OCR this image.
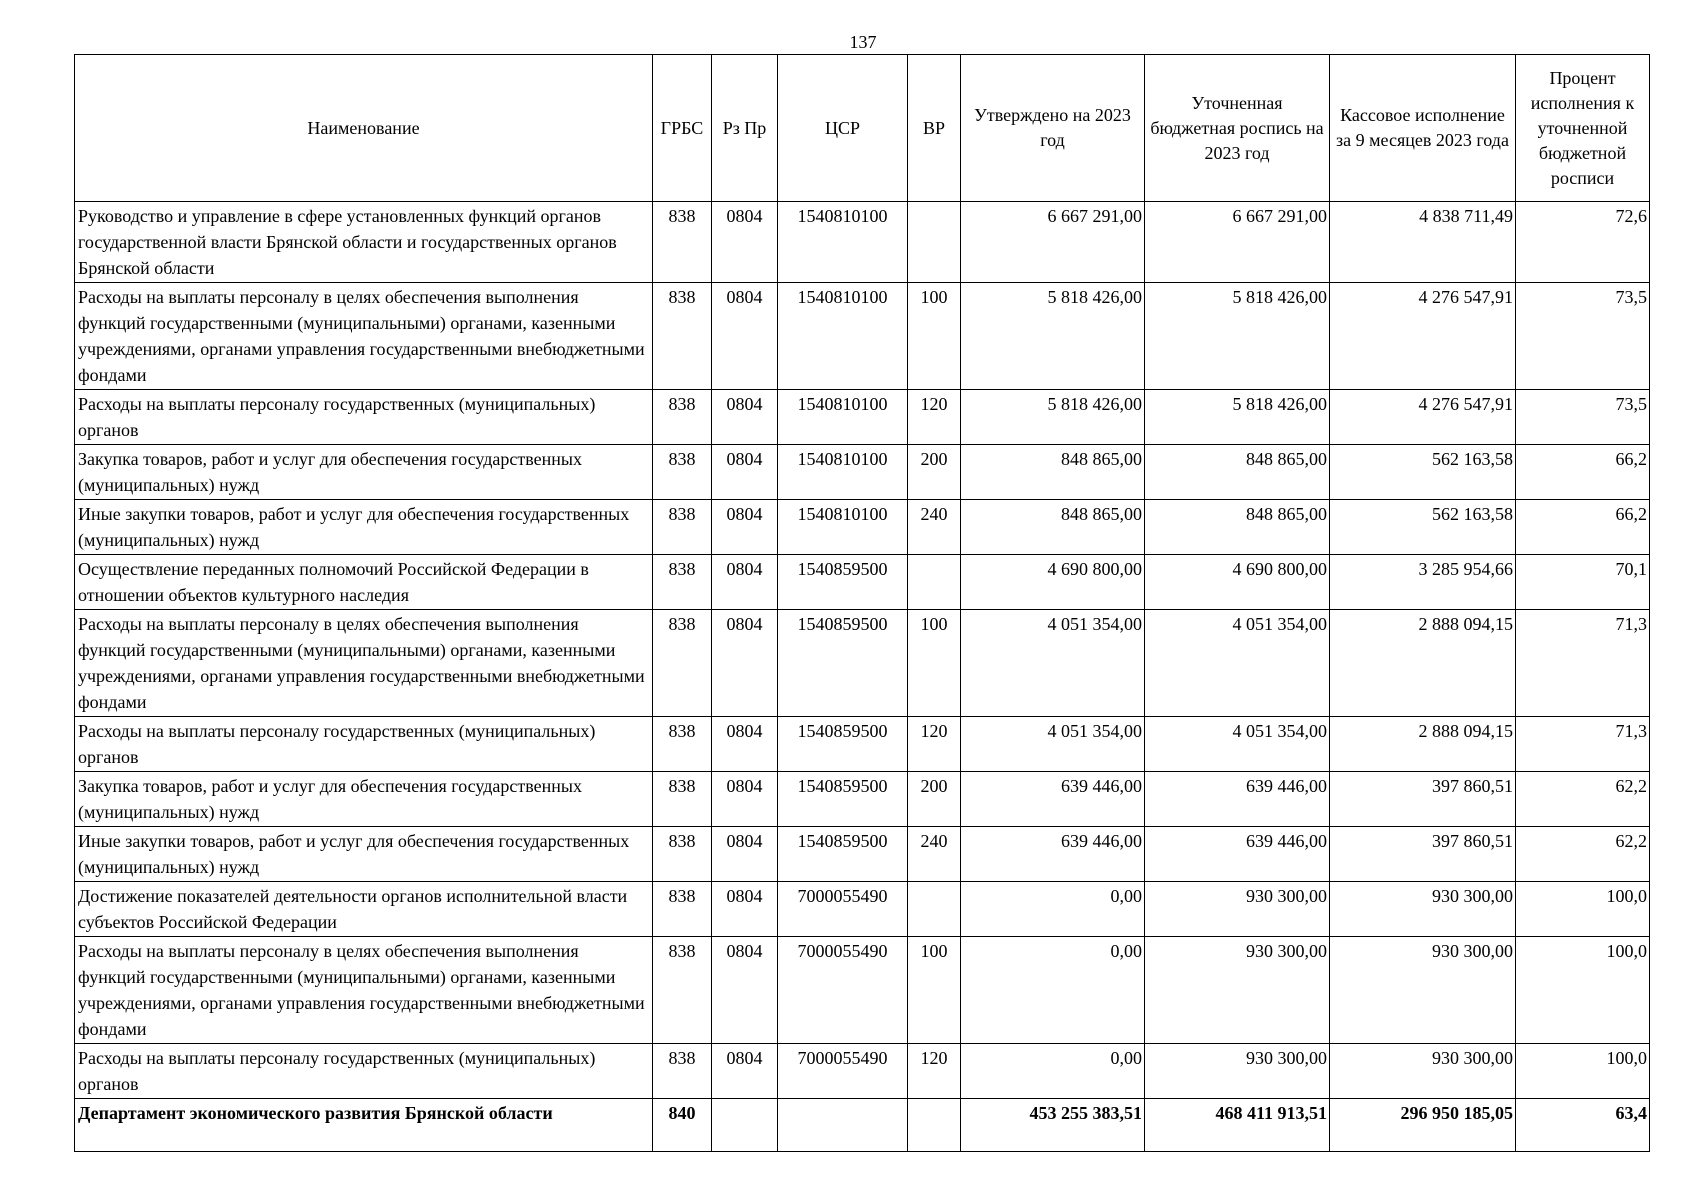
137
Наименование	ГРБС	Рз Пр	ЦСР	ВР	Утверждено на 2023 год	Уточненная бюджетная роспись на 2023 год	Кассовое исполнение за 9 месяцев 2023 года	Процент исполнения к уточненной бюджетной росписи
Руководство и управление в сфере установленных функций органов государственной власти Брянской области и государственных органов Брянской области	838	0804	1540810100		6 667 291,00	6 667 291,00	4 838 711,49	72,6
Расходы на выплаты персоналу в целях обеспечения выполнения функций государственными (муниципальными) органами, казенными учреждениями, органами управления государственными внебюджетными фондами	838	0804	1540810100	100	5 818 426,00	5 818 426,00	4 276 547,91	73,5
Расходы на выплаты персоналу государственных (муниципальных) органов	838	0804	1540810100	120	5 818 426,00	5 818 426,00	4 276 547,91	73,5
Закупка товаров, работ и услуг для обеспечения государственных (муниципальных) нужд	838	0804	1540810100	200	848 865,00	848 865,00	562 163,58	66,2
Иные закупки товаров, работ и услуг для обеспечения государственных (муниципальных) нужд	838	0804	1540810100	240	848 865,00	848 865,00	562 163,58	66,2
Осуществление переданных полномочий Российской Федерации в отношении объектов культурного наследия	838	0804	1540859500		4 690 800,00	4 690 800,00	3 285 954,66	70,1
Расходы на выплаты персоналу в целях обеспечения выполнения функций государственными (муниципальными) органами, казенными учреждениями, органами управления государственными внебюджетными фондами	838	0804	1540859500	100	4 051 354,00	4 051 354,00	2 888 094,15	71,3
Расходы на выплаты персоналу государственных (муниципальных) органов	838	0804	1540859500	120	4 051 354,00	4 051 354,00	2 888 094,15	71,3
Закупка товаров, работ и услуг для обеспечения государственных (муниципальных) нужд	838	0804	1540859500	200	639 446,00	639 446,00	397 860,51	62,2
Иные закупки товаров, работ и услуг для обеспечения государственных (муниципальных) нужд	838	0804	1540859500	240	639 446,00	639 446,00	397 860,51	62,2
Достижение показателей деятельности органов исполнительной власти субъектов Российской Федерации	838	0804	7000055490		0,00	930 300,00	930 300,00	100,0
Расходы на выплаты персоналу в целях обеспечения выполнения функций государственными (муниципальными) органами, казенными учреждениями, органами управления государственными внебюджетными фондами	838	0804	7000055490	100	0,00	930 300,00	930 300,00	100,0
Расходы на выплаты персоналу государственных (муниципальных) органов	838	0804	7000055490	120	0,00	930 300,00	930 300,00	100,0
Департамент экономического развития Брянской области	840				453 255 383,51	468 411 913,51	296 950 185,05	63,4
